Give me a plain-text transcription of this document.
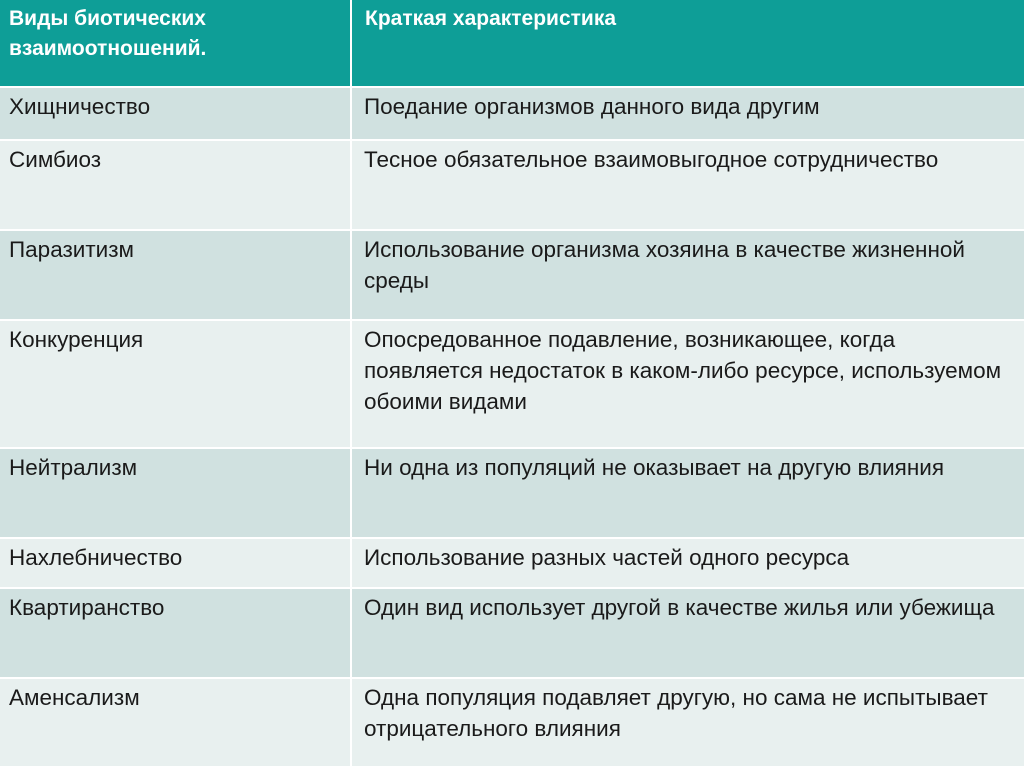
Виды биотических взаимоотношений.	Краткая характеристика
Хищничество	Поедание организмов данного вида другим
Симбиоз	Тесное обязательное взаимовыгодное сотрудничество
Паразитизм	Использование организма хозяина в качестве жизненной среды
Конкуренция	Опосредованное подавление, возникающее, когда появляется недостаток в каком-либо ресурсе, используемом обоими видами
Нейтрализм	Ни одна из популяций не оказывает на другую влияния
Нахлебничество	Использование разных частей одного ресурса
Квартиранство	Один вид использует другой в качестве жилья или убежища
Аменсализм	Одна популяция подавляет другую, но сама не испытывает отрицательного влияния
